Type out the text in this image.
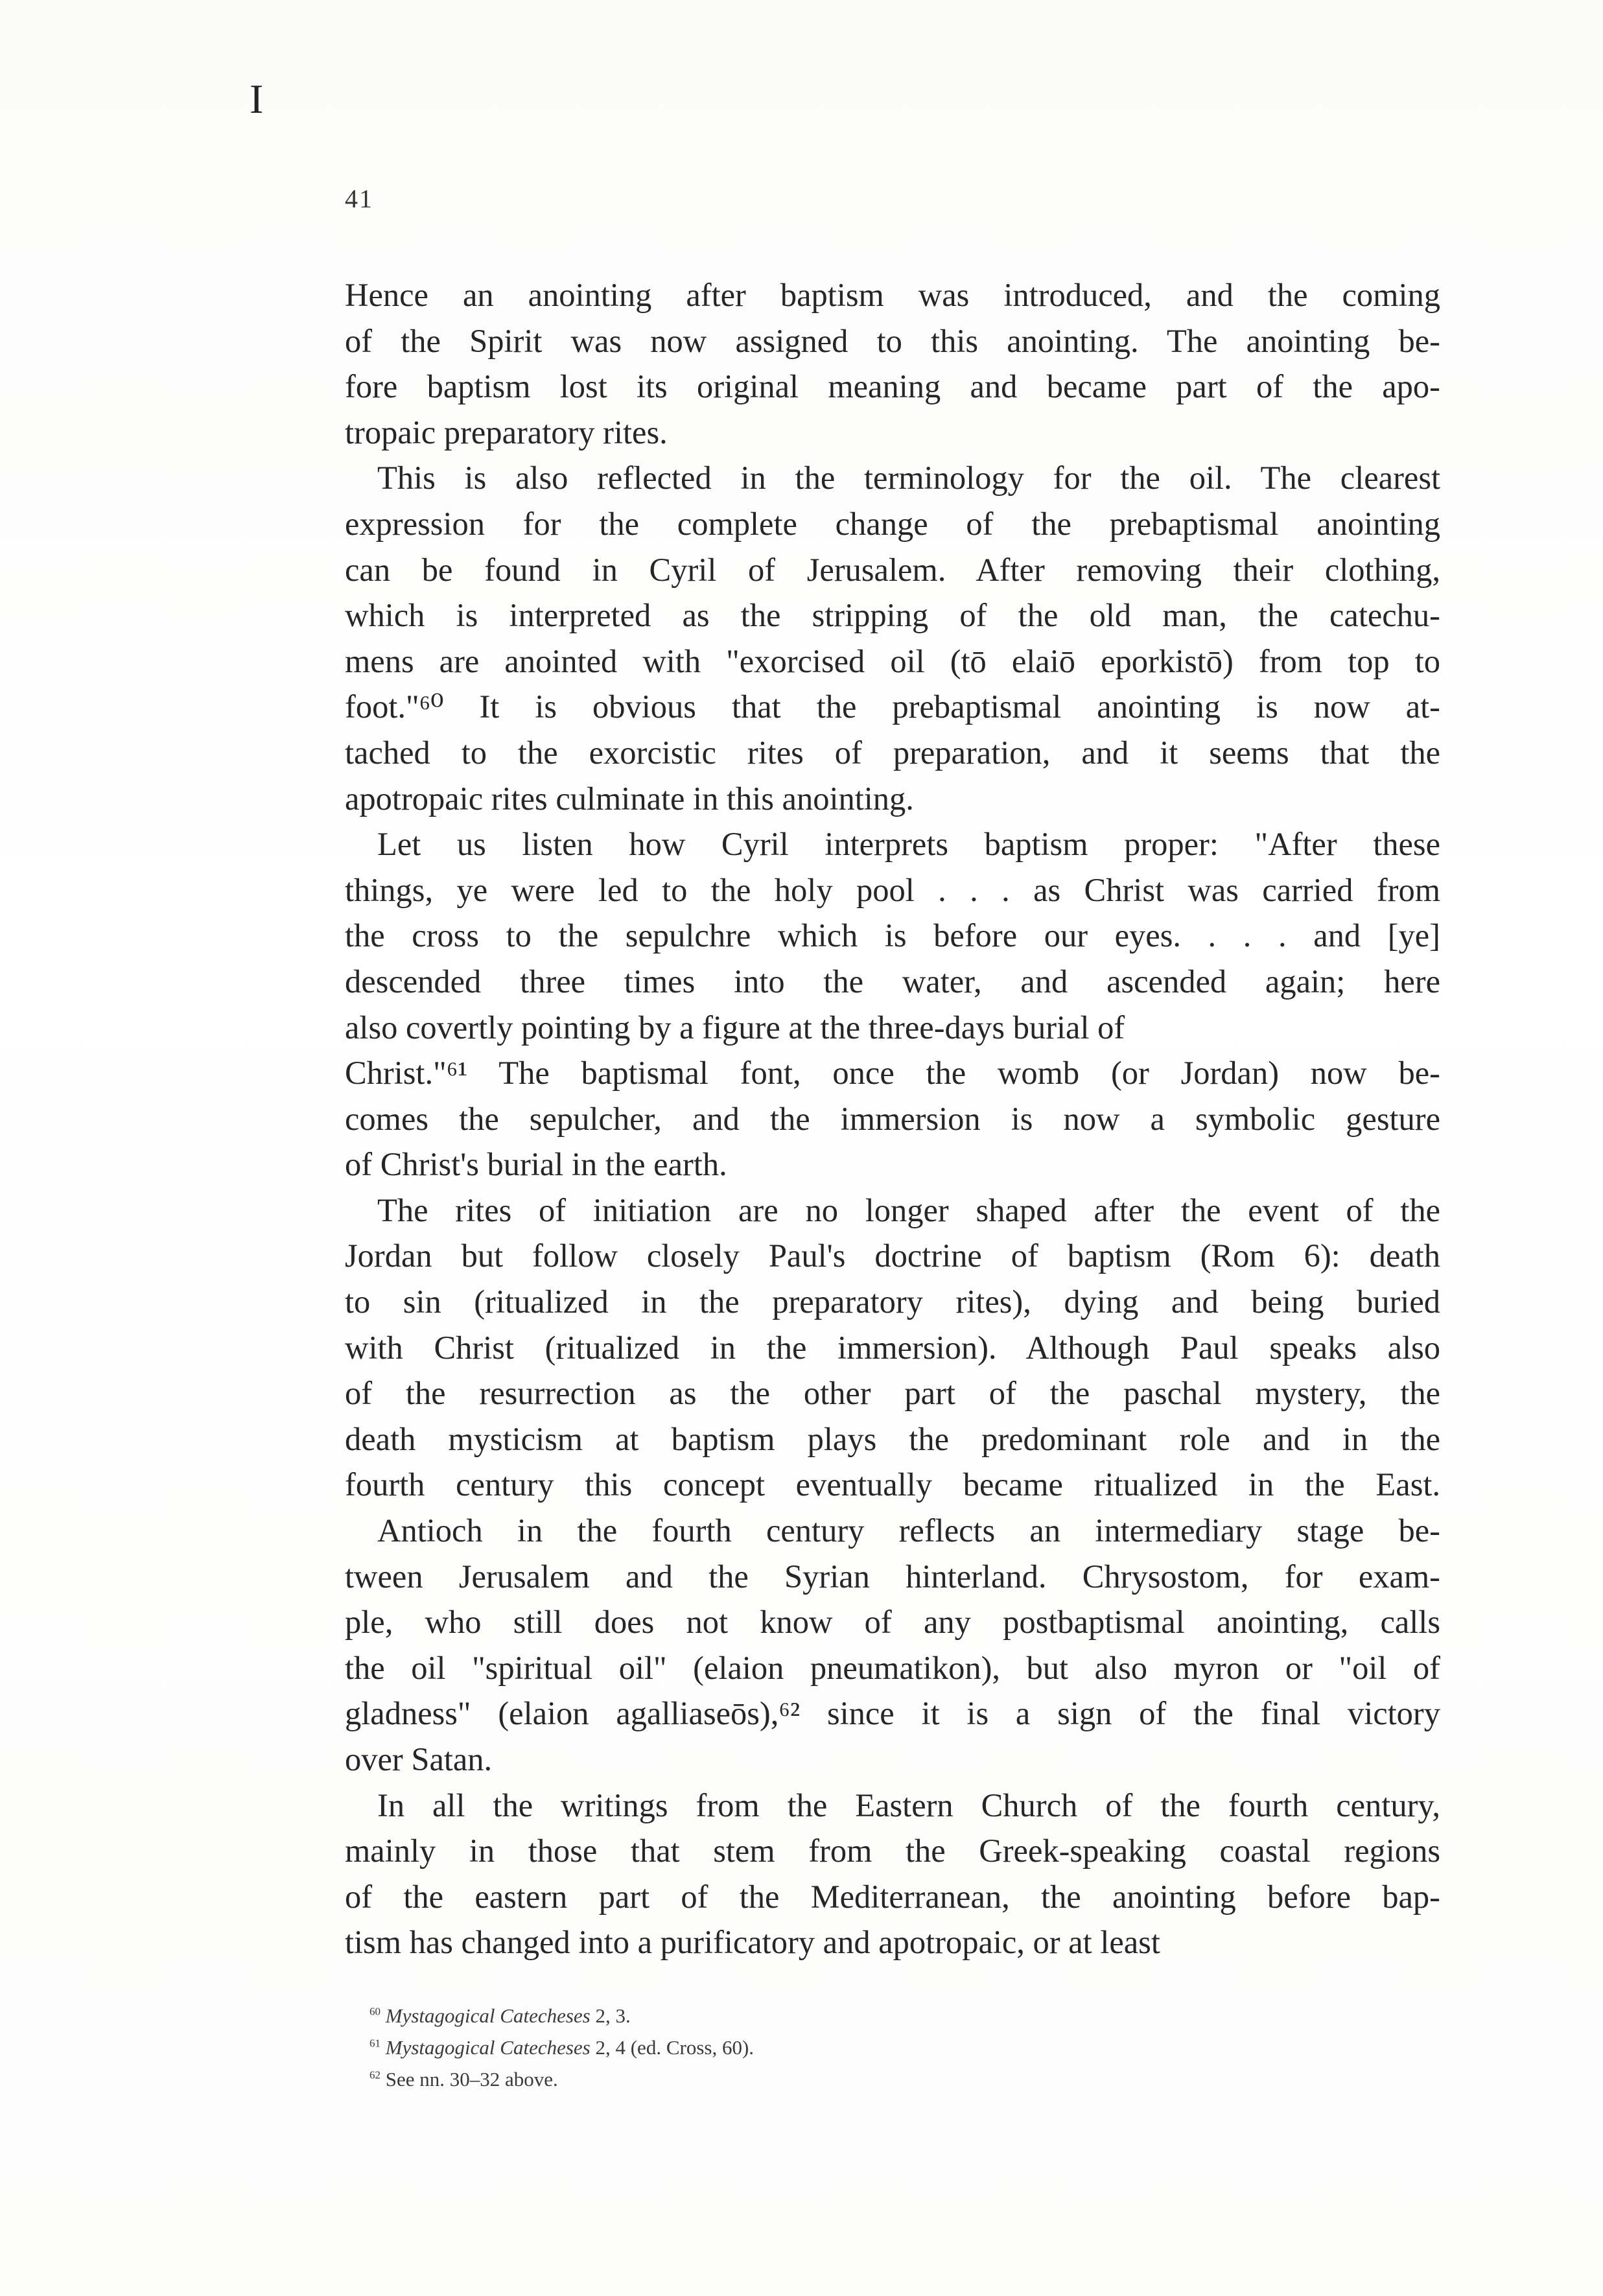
I
41

Hence an anointing after baptism was introduced, and the coming
of the Spirit was now assigned to this anointing. The anointing be-
fore baptism lost its original meaning and became part of the apo-
tropaic preparatory rites.

This is also reflected in the terminology for the oil. The clearest
expression for the complete change of the prebaptismal anointing
can be found in Cyril of Jerusalem. After removing their clothing,
which is interpreted as the stripping of the old man, the catechu-
mens are anointed with "exorcised oil (tō elaiō eporkistō) from top to
foot."⁶⁰ It is obvious that the prebaptismal anointing is now at-
tached to the exorcistic rites of preparation, and it seems that the
apotropaic rites culminate in this anointing.

Let us listen how Cyril interprets baptism proper: "After these
things, ye were led to the holy pool . . . as Christ was carried from
the cross to the sepulchre which is before our eyes. . . . and [ye]
descended three times into the water, and ascended again; here
also covertly pointing by a figure at the three-days burial of
Christ."⁶¹ The baptismal font, once the womb (or Jordan) now be-
comes the sepulcher, and the immersion is now a symbolic gesture
of Christ's burial in the earth.

The rites of initiation are no longer shaped after the event of the
Jordan but follow closely Paul's doctrine of baptism (Rom 6): death
to sin (ritualized in the preparatory rites), dying and being buried
with Christ (ritualized in the immersion). Although Paul speaks also
of the resurrection as the other part of the paschal mystery, the
death mysticism at baptism plays the predominant role and in the
fourth century this concept eventually became ritualized in the East.

Antioch in the fourth century reflects an intermediary stage be-
tween Jerusalem and the Syrian hinterland. Chrysostom, for exam-
ple, who still does not know of any postbaptismal anointing, calls
the oil "spiritual oil" (elaion pneumatikon), but also myron or "oil of
gladness" (elaion agalliaseōs),⁶² since it is a sign of the final victory
over Satan.

In all the writings from the Eastern Church of the fourth century,
mainly in those that stem from the Greek-speaking coastal regions
of the eastern part of the Mediterranean, the anointing before bap-
tism has changed into a purificatory and apotropaic, or at least

$^{60}$ Mystagogical Catecheses 2, 3.
$^{61}$ Mystagogical Catecheses 2, 4 (ed. Cross, 60).
$^{62}$ See nn. 30–32 above.
